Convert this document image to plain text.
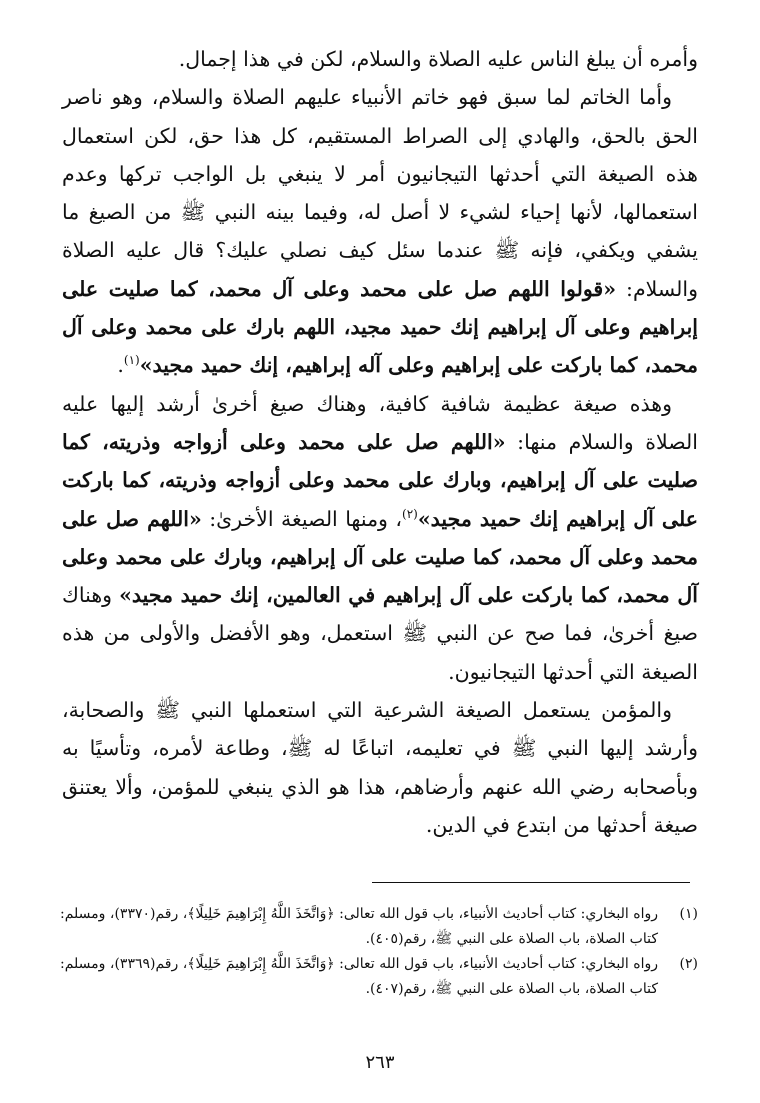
وأمره أن يبلغ الناس عليه الصلاة والسلام، لكن في هذا إجمال.

وأما الخاتم لما سبق فهو خاتم الأنبياء عليهم الصلاة والسلام، وهو ناصر الحق بالحق، والهادي إلى الصراط المستقيم، كل هذا حق، لكن استعمال هذه الصيغة التي أحدثها التيجانيون أمر لا ينبغي بل الواجب تركها وعدم استعمالها، لأنها إحياء لشيء لا أصل له، وفيما بينه النبي ﷺ من الصيغ ما يشفي ويكفي، فإنه ﷺ عندما سئل كيف نصلي عليك؟ قال عليه الصلاة والسلام: «قولوا اللهم صل على محمد وعلى آل محمد، كما صليت على إبراهيم وعلى آل إبراهيم إنك حميد مجيد، اللهم بارك على محمد وعلى آل محمد، كما باركت على إبراهيم وعلى آله إبراهيم، إنك حميد مجيد»$^{(١)}$.

وهذه صيغة عظيمة شافية كافية، وهناك صيغ أخرىٰ أرشد إليها عليه الصلاة والسلام منها: «اللهم صل على محمد وعلى أزواجه وذريته، كما صليت على آل إبراهيم، وبارك على محمد وعلى أزواجه وذريته، كما باركت على آل إبراهيم إنك حميد مجيد»$^{(٢)}$، ومنها الصيغة الأخرىٰ: «اللهم صل على محمد وعلى آل محمد، كما صليت على آل إبراهيم، وبارك على محمد وعلى آل محمد، كما باركت على آل إبراهيم في العالمين، إنك حميد مجيد» وهناك صيغ أخرىٰ، فما صح عن النبي ﷺ استعمل، وهو الأفضل والأولى من هذه الصيغة التي أحدثها التيجانيون.

والمؤمن يستعمل الصيغة الشرعية التي استعملها النبي ﷺ والصحابة، وأرشد إليها النبي ﷺ في تعليمه، اتباعًا له ﷺ، وطاعة لأمره، وتأسيًا به وبأصحابه رضي الله عنهم وأرضاهم، هذا هو الذي ينبغي للمؤمن، وألا يعتنق صيغة أحدثها من ابتدع في الدين.

(١)
رواه البخاري: كتاب أحاديث الأنبياء، باب قول الله تعالى: ﴿وَاتَّخَذَ اللَّهُ إِبْرَاهِيمَ خَلِيلًا﴾، رقم(٣٣٧٠)، ومسلم: كتاب الصلاة، باب الصلاة على النبي ﷺ، رقم(٤٠٥).
(٢)
رواه البخاري: كتاب أحاديث الأنبياء، باب قول الله تعالى: ﴿وَاتَّخَذَ اللَّهُ إِبْرَاهِيمَ خَلِيلًا﴾، رقم(٣٣٦٩)، ومسلم: كتاب الصلاة، باب الصلاة على النبي ﷺ، رقم(٤٠٧).
٢٦٣
